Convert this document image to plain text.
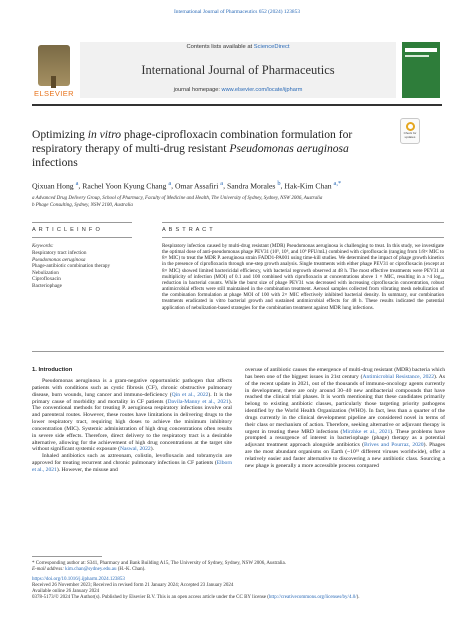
International Journal of Pharmaceutics 652 (2024) 123853
ELSEVIER
Contents lists available at ScienceDirect
International Journal of Pharmaceutics
journal homepage: www.elsevier.com/locate/ijpharm
Optimizing in vitro phage-ciprofloxacin combination formulation for respiratory therapy of multi-drug resistant Pseudomonas aeruginosa infections
Check for
updates
Qixuan Hong $^a$, Rachel Yoon Kyung Chang $^a$, Omar Assafiri $^a$, Sandra Morales $^b$, Hak-Kim Chan $^{a,*}$
a Advanced Drug Delivery Group, School of Pharmacy, Faculty of Medicine and Health, The University of Sydney, Sydney, NSW 2006, Australia
b Phage Consulting, Sydney, NSW 2100, Australia
A R T I C L E I N F O	A B S T R A C T
Keywords:
Respiratory tract infection
Pseudomonas aeruginosa
Phage-antibiotic combination therapy
Nebulization
Ciprofloxacin
Bacteriophage
Respiratory infection caused by multi-drug resistant (MDR) Pseudomonas aeruginosa is challenging to treat. In this study, we investigate the optimal dose of anti-pseudomonas phage PEV31 (10⁵, 10⁶, and 10⁹ PFU/mL) combined with ciprofloxacin (ranging from 1/8× MIC to 8× MIC) to treat the MDR P. aeruginosa strain FADD1-PA001 using time-kill studies. We determined the impact of phage growth kinetics in the presence of ciprofloxacin through one-step growth analysis. Single treatments with either phage PEV31 or ciprofloxacin (except at 8× MIC) showed limited bactericidal efficiency, with bacterial regrowth observed at 48 h. The most effective treatments were PEV31 at multiplicity of infection (MOI) of 0.1 and 100 combined with ciprofloxacin at concentrations above 1 × MIC, resulting in a >4 log₁₀ reduction in bacterial counts. While the burst size of phage PEV31 was decreased with increasing ciprofloxacin concentration, robust antimicrobial effects were still maintained in the combination treatment. Aerosol samples collected from vibrating mesh nebulization of the combination formulation at phage MOI of 100 with 2× MIC effectively inhibited bacterial density. In summary, our combination treatments eradicated in vitro bacterial growth and sustained antimicrobial effects for 48 h. These results indicated the potential application of nebulization-based strategies for the combination treatment against MDR lung infections.
1. Introduction

Pseudomonas aeruginosa is a gram-negative opportunistic pathogen that affects patients with conditions such as cystic fibrosis (CF), chronic obstructive pulmonary disease, burn wounds, lung cancer and immuno-deficiency (Qin et al., 2022). It is the primary cause of morbidity and mortality in CF patients (Davila-Manny et al., 2021). The conventional methods for treating P. aeruginosa respiratory infections involve oral and parenteral routes. However, these routes have limitations in delivering drugs to the lower respiratory tract, requiring high doses to achieve the minimum inhibitory concentration (MIC). Systemic administration of high drug concentrations often results in severe side effects. Therefore, direct delivery to the respiratory tract is a desirable alternative, allowing for the achievement of high drug concentrations at the target site without significant systemic exposure (Naswal, 2022).

Inhaled antibiotics such as aztreonam, colistin, levofloxacin and tobramycin are approved for treating recurrent and chronic pulmonary infections in CF patients (Elborn et al., 2021). However, the misuse and

overuse of antibiotic causes the emergence of multi-drug resistant (MDR) bacteria which has been one of the biggest issues in 21st century (Antimicrobial Resistance, 2022). As of the recent update in 2021, out of the thousands of immuno-oncology agents currently in development, there are only around 30–40 new antibacterial compounds that have reached the clinical trial phases. It is worth mentioning that these candidates primarily belong to existing antibiotic classes, particularly those targeting priority pathogens identified by the World Health Organization (WHO). In fact, less than a quarter of the drugs currently in the clinical development pipeline are considered novel in terms of their class or mechanism of action. Therefore, seeking alternative or adjuvant therapy is urgent in treating these MRD infections (Mirzhke et al., 2021). These problems have prompted a resurgence of interest in bacteriophage (phage) therapy as a potential adjuvant treatment approach alongside antibiotics (Brives and Pourraz, 2020). Phages are the most abundant organisms on Earth (~10³¹ different viruses worldwide), offer a relatively easier and faster alternative to discovering a new antibiotic class. Sourcing a new phage is generally a more accessible process compared

* Corresponding author at: S341, Pharmacy and Bank Building A15, The University of Sydney, Sydney, NSW 2006, Australia.
E-mail address: kim.chan@sydney.edu.au (H.-K. Chan).
https://doi.org/10.1016/j.ijpharm.2024.123853
Received 26 November 2023; Received in revised form 21 January 2024; Accepted 23 January 2024
Available online 26 January 2024
0378-5173/© 2024 The Author(s). Published by Elsevier B.V. This is an open access article under the CC BY license (http://creativecommons.org/licenses/by/4.0/).
